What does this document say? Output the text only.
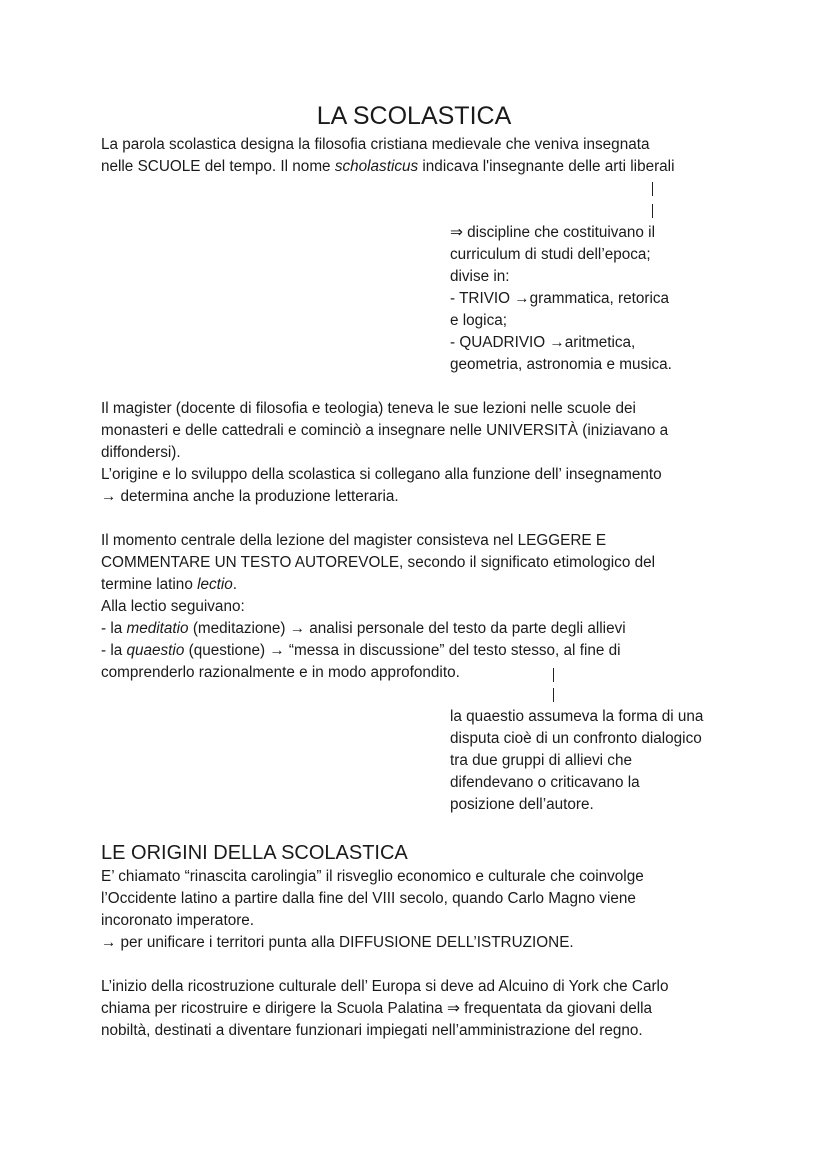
LA SCOLASTICA
La parola scolastica designa la filosofia cristiana medievale che veniva insegnata
nelle SCUOLE del tempo. Il nome scholasticus indicava l'insegnante delle arti liberali
⇒ discipline che costituivano il
curriculum di studi dell’epoca;
divise in:
- TRIVIO →grammatica, retorica
e logica;
- QUADRIVIO →aritmetica,
geometria, astronomia e musica.
Il magister (docente di filosofia e teologia) teneva le sue lezioni nelle scuole dei
monasteri e delle cattedrali e cominciò a insegnare nelle UNIVERSITÀ (iniziavano a
diffondersi).
L’origine e lo sviluppo della scolastica si collegano alla funzione dell’ insegnamento
→ determina anche la produzione letteraria.
Il momento centrale della lezione del magister consisteva nel LEGGERE E
COMMENTARE UN TESTO AUTOREVOLE, secondo il significato etimologico del
termine latino lectio.
Alla lectio seguivano:
- la meditatio (meditazione) → analisi personale del testo da parte degli allievi
- la quaestio (questione) → “messa in discussione” del testo stesso, al fine di
comprenderlo razionalmente e in modo approfondito.
la quaestio assumeva la forma di una
disputa cioè di un confronto dialogico
tra due gruppi di allievi che
difendevano o criticavano la
posizione dell’autore.
LE ORIGINI DELLA SCOLASTICA
E’ chiamato “rinascita carolingia” il risveglio economico e culturale che coinvolge
l’Occidente latino a partire dalla fine del VIII secolo, quando Carlo Magno viene
incoronato imperatore.
→ per unificare i territori punta alla DIFFUSIONE DELL’ISTRUZIONE.
L’inizio della ricostruzione culturale dell’ Europa si deve ad Alcuino di York che Carlo
chiama per ricostruire e dirigere la Scuola Palatina ⇒ frequentata da giovani della
nobiltà, destinati a diventare funzionari impiegati nell’amministrazione del regno.
